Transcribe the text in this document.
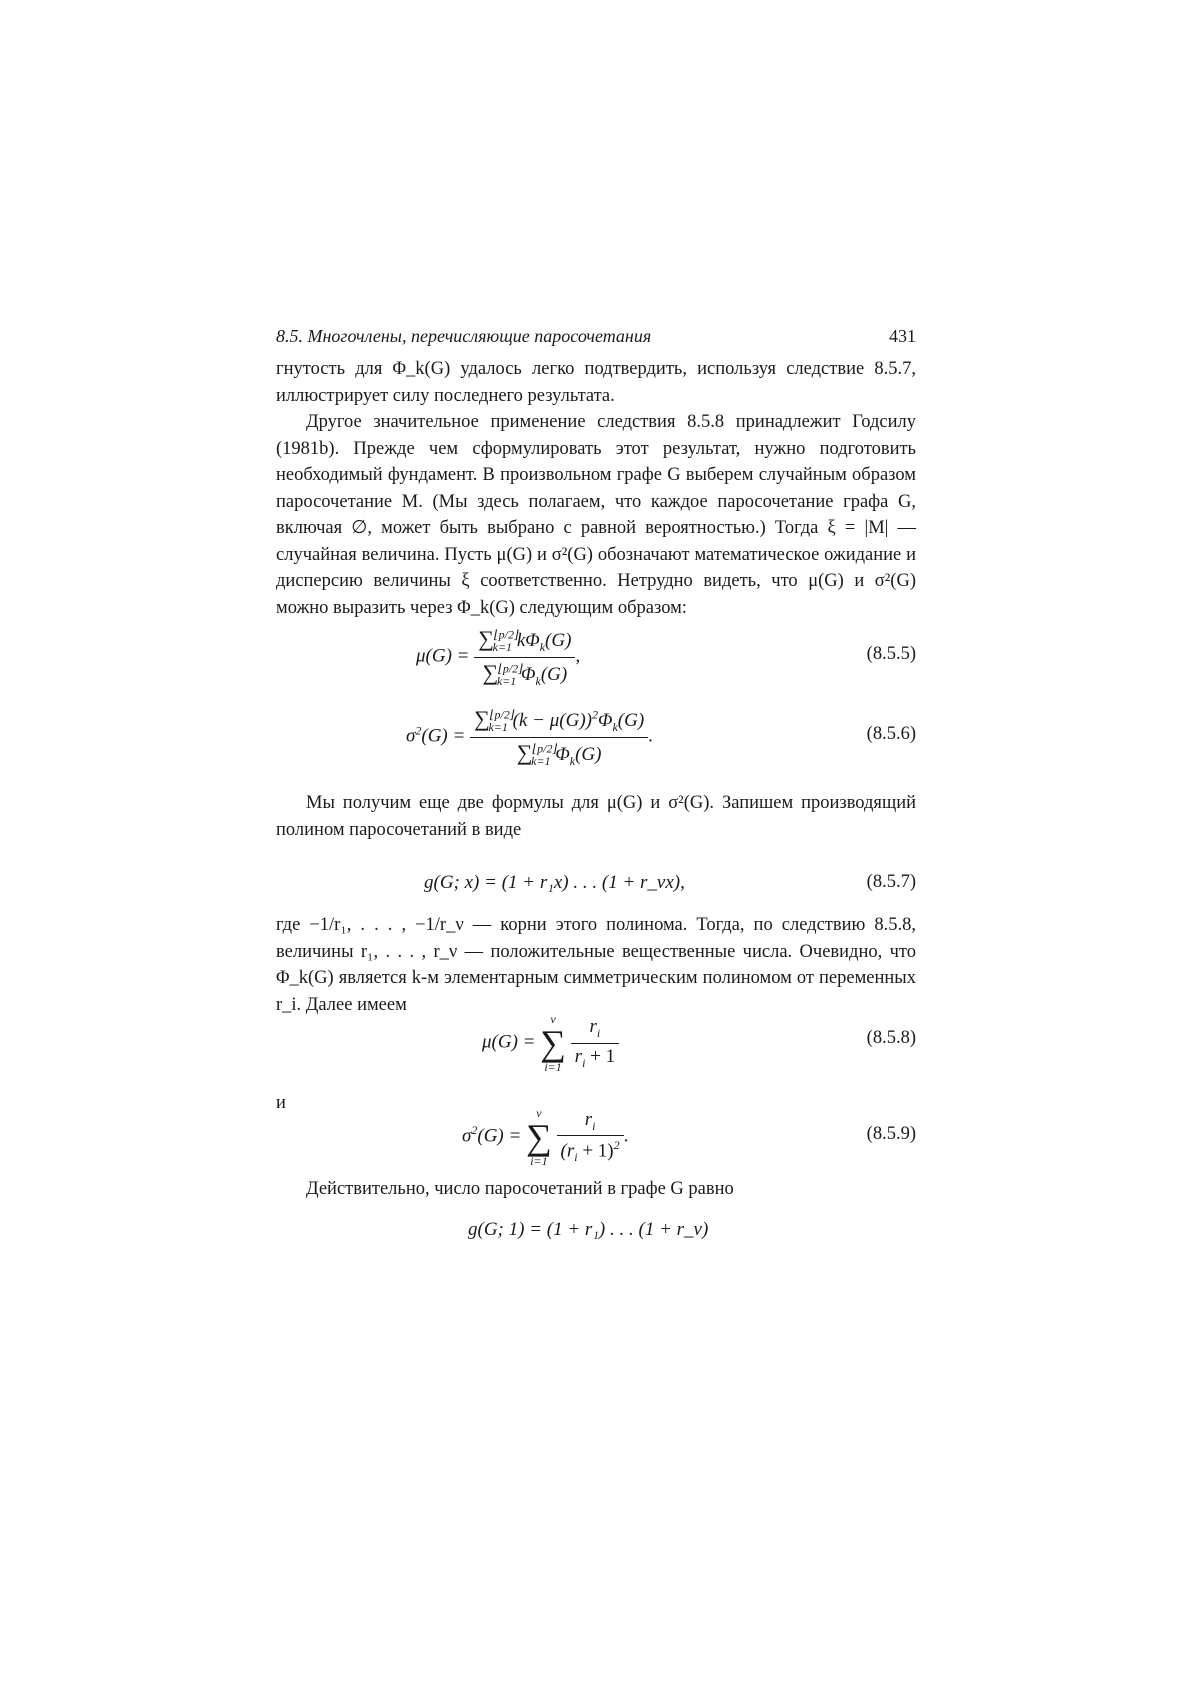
8.5. Многочлены, перечисляющие паросочетания	431

гнутость для Φ_k(G) удалось легко подтвердить, используя следствие 8.5.7, иллюстрирует силу последнего результата.

Другое значительное применение следствия 8.5.8 принадлежит Годсилу (1981b). Прежде чем сформулировать этот результат, нужно подготовить необходимый фундамент. В произвольном графе G выберем случайным образом паросочетание M. (Мы здесь полагаем, что каждое паросочетание графа G, включая ∅, может быть выбрано с равной вероятностью.) Тогда ξ = |M| — случайная величина. Пусть μ(G) и σ²(G) обозначают математическое ожидание и дисперсию величины ξ соответственно. Нетрудно видеть, что μ(G) и σ²(G) можно выразить через Φ_k(G) следующим образом:

$\mu(G) = \frac{\sum^{⌊p/2⌋}_{k=1} k\Phi_k(G)}{\sum^{⌊p/2⌋}_{k=1} \Phi_k(G)}$ ,	(8.5.5)
$\sigma^2(G) = \frac{\sum^{⌊p/2⌋}_{k=1} (k - \mu(G))^2\Phi_k(G)}{\sum^{⌊p/2⌋}_{k=1} \Phi_k(G)}$ .	(8.5.6)

Мы получим еще две формулы для μ(G) и σ²(G). Запишем производящий полином паросочетаний в виде

g(G; x) = (1 + r₁x) . . . (1 + r_νx),	(8.5.7)

где −1/r₁, . . . , −1/r_ν — корни этого полинома. Тогда, по следствию 8.5.8, величины r₁, . . . , r_ν — положительные вещественные числа. Очевидно, что Φ_k(G) является k-м элементарным симметрическим полиномом от переменных r_i. Далее имеем

μ(G) =
ν
∑
i=1
$\frac{r_i}{r_i + 1}$	(8.5.8)

и

$\sigma^2(G)$ =
ν
∑
i=1
$\frac{r_i}{(r_i + 1)^2}$ .	(8.5.9)

Действительно, число паросочетаний в графе G равно

g(G; 1) = (1 + r₁) . . . (1 + r_ν)
